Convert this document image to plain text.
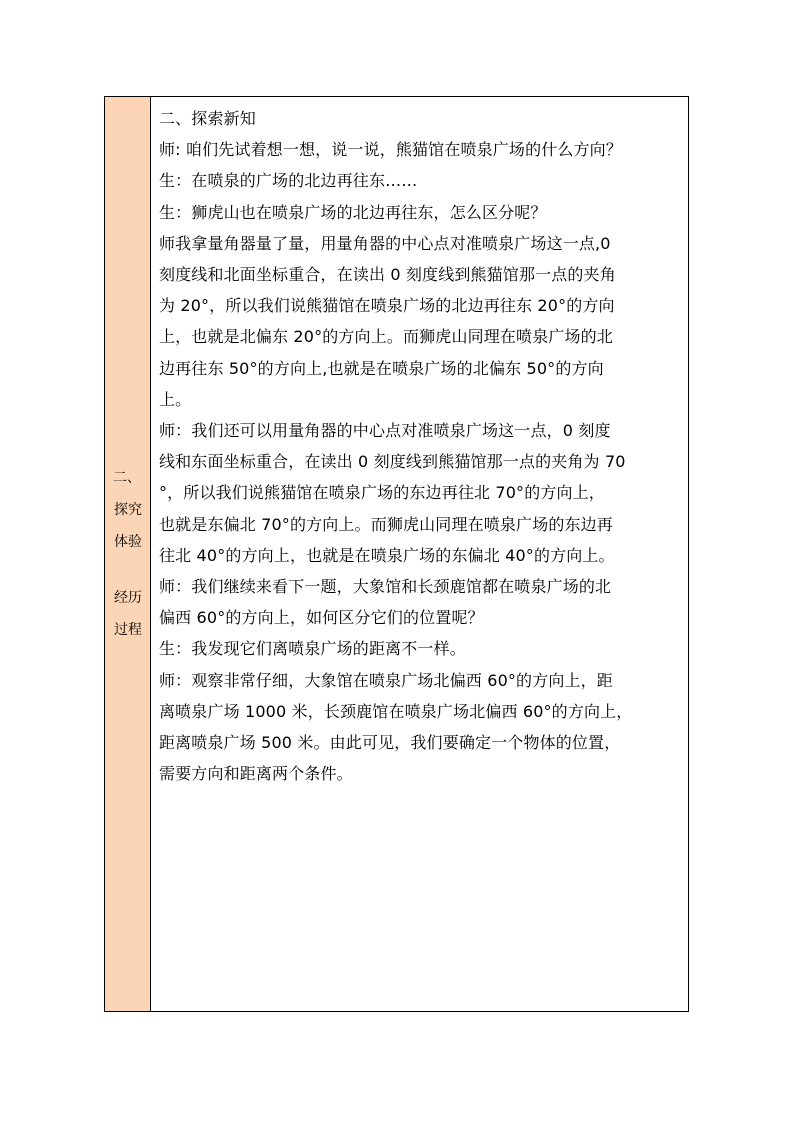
二、
探究
体验
经历
过程
二、探索新知
师: 咱们先试着想一想，说一说，熊猫馆在喷泉广场的什么方向？
生：在喷泉的广场的北边再往东……
生：狮虎山也在喷泉广场的北边再往东，怎么区分呢？
师我拿量角器量了量，用量角器的中心点对准喷泉广场这一点,0
刻度线和北面坐标重合，在读出 0 刻度线到熊猫馆那一点的夹角
为 20°，所以我们说熊猫馆在喷泉广场的北边再往东 20°的方向
上，也就是北偏东 20°的方向上。而狮虎山同理在喷泉广场的北
边再往东 50°的方向上,也就是在喷泉广场的北偏东 50°的方向
上。
师：我们还可以用量角器的中心点对准喷泉广场这一点，0 刻度
线和东面坐标重合，在读出 0 刻度线到熊猫馆那一点的夹角为 70
°，所以我们说熊猫馆在喷泉广场的东边再往北 70°的方向上，
也就是东偏北 70°的方向上。而狮虎山同理在喷泉广场的东边再
往北 40°的方向上，也就是在喷泉广场的东偏北 40°的方向上。
师：我们继续来看下一题，大象馆和长颈鹿馆都在喷泉广场的北
偏西 60°的方向上，如何区分它们的位置呢？
生：我发现它们离喷泉广场的距离不一样。
师：观察非常仔细，大象馆在喷泉广场北偏西 60°的方向上，距
离喷泉广场 1000 米，长颈鹿馆在喷泉广场北偏西 60°的方向上，
距离喷泉广场 500 米。由此可见，我们要确定一个物体的位置，
需要方向和距离两个条件。
